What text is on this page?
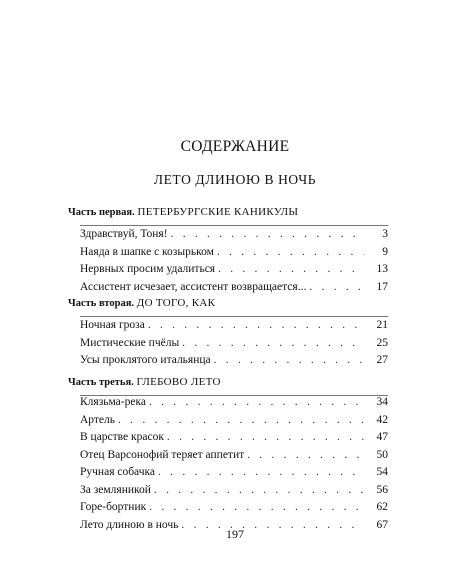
СОДЕРЖАНИЕ
ЛЕТО ДЛИНОЮ В НОЧЬ
Часть первая. ПЕТЕРБУРГСКИЕ КАНИКУЛЫ
Здравствуй, Тоня! . . .	3
Наяда в шапке с козырьком . . .	9
Нервных просим удалиться . . .	13
Ассистент исчезает, ассистент возвращается... . . .	17
Часть вторая. ДО ТОГО, КАК
Ночная гроза . . .	21
Мистические пчёлы . . .	25
Усы проклятого итальянца . . .	27
Часть третья. ГЛЕБОВО ЛЕТО
Клязьма-река . . .	34
Артель . . .	42
В царстве красок . . .	47
Отец Варсонофий теряет аппетит . . .	50
Ручная собачка . . .	54
За земляникой . . .	56
Горе-бортник . . .	62
Лето длиною в ночь . . .	67
197
